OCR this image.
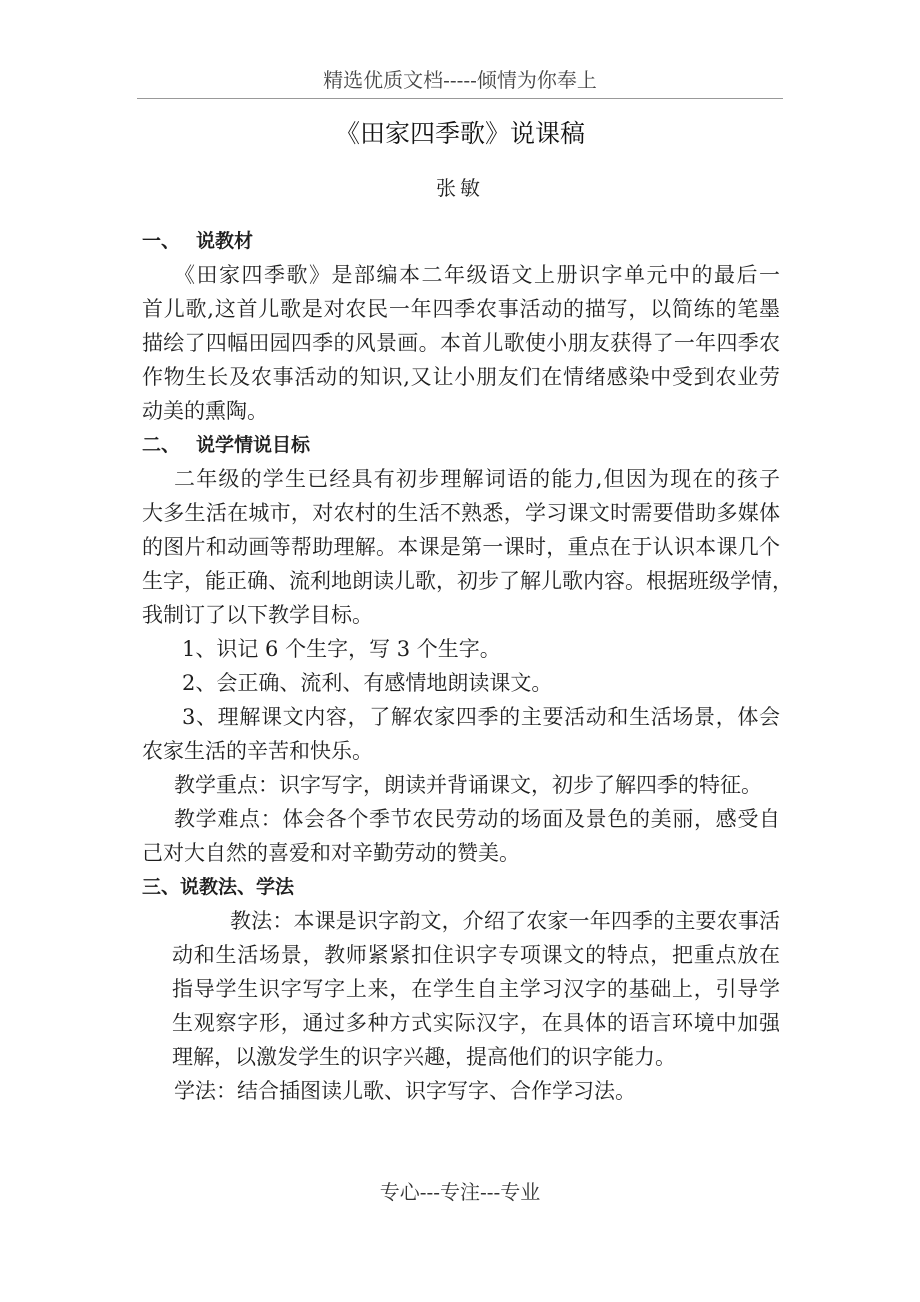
精选优质文档-----倾情为你奉上
《田家四季歌》说课稿
张敏
一、 说教材
《田家四季歌》是部编本二年级语文上册识字单元中的最后一
首儿歌,这首儿歌是对农民一年四季农事活动的描写，以简练的笔墨
描绘了四幅田园四季的风景画。本首儿歌使小朋友获得了一年四季农
作物生长及农事活动的知识,又让小朋友们在情绪感染中受到农业劳
动美的熏陶。
二、 说学情说目标
二年级的学生已经具有初步理解词语的能力,但因为现在的孩子
大多生活在城市，对农村的生活不熟悉，学习课文时需要借助多媒体
的图片和动画等帮助理解。本课是第一课时，重点在于认识本课几个
生字，能正确、流利地朗读儿歌，初步了解儿歌内容。根据班级学情，
我制订了以下教学目标。
1、识记 6 个生字，写 3 个生字。
2、会正确、流利、有感情地朗读课文。
3、理解课文内容，了解农家四季的主要活动和生活场景，体会
农家生活的辛苦和快乐。
教学重点：识字写字，朗读并背诵课文，初步了解四季的特征。
教学难点：体会各个季节农民劳动的场面及景色的美丽，感受自
己对大自然的喜爱和对辛勤劳动的赞美。
三、说教法、学法
教法：本课是识字韵文，介绍了农家一年四季的主要农事活
动和生活场景，教师紧紧扣住识字专项课文的特点，把重点放在
指导学生识字写字上来，在学生自主学习汉字的基础上，引导学
生观察字形，通过多种方式实际汉字，在具体的语言环境中加强
理解，以激发学生的识字兴趣，提高他们的识字能力。
学法：结合插图读儿歌、识字写字、合作学习法。
专心---专注---专业
